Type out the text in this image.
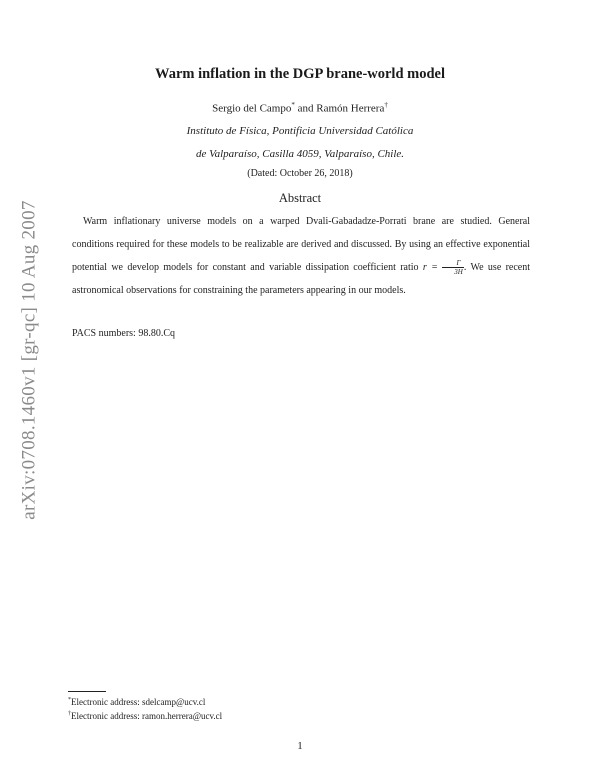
arXiv:0708.1460v1 [gr-qc] 10 Aug 2007
Warm inflation in the DGP brane-world model
Sergio del Campo* and Ramón Herrera†
Instituto de Física, Pontificia Universidad Católica
de Valparaíso, Casilla 4059, Valparaíso, Chile.
(Dated: October 26, 2018)
Abstract
Warm inflationary universe models on a warped Dvali-Gabadadze-Porrati brane are studied. General conditions required for these models to be realizable are derived and discussed. By using an effective exponential potential we develop models for constant and variable dissipation coefficient ratio $r = \frac{\Gamma}{3H}$ . We use recent astronomical observations for constraining the parameters appearing in our models.
PACS numbers: 98.80.Cq
*Electronic address: sdelcamp@ucv.cl
†Electronic address: ramon.herrera@ucv.cl
1
